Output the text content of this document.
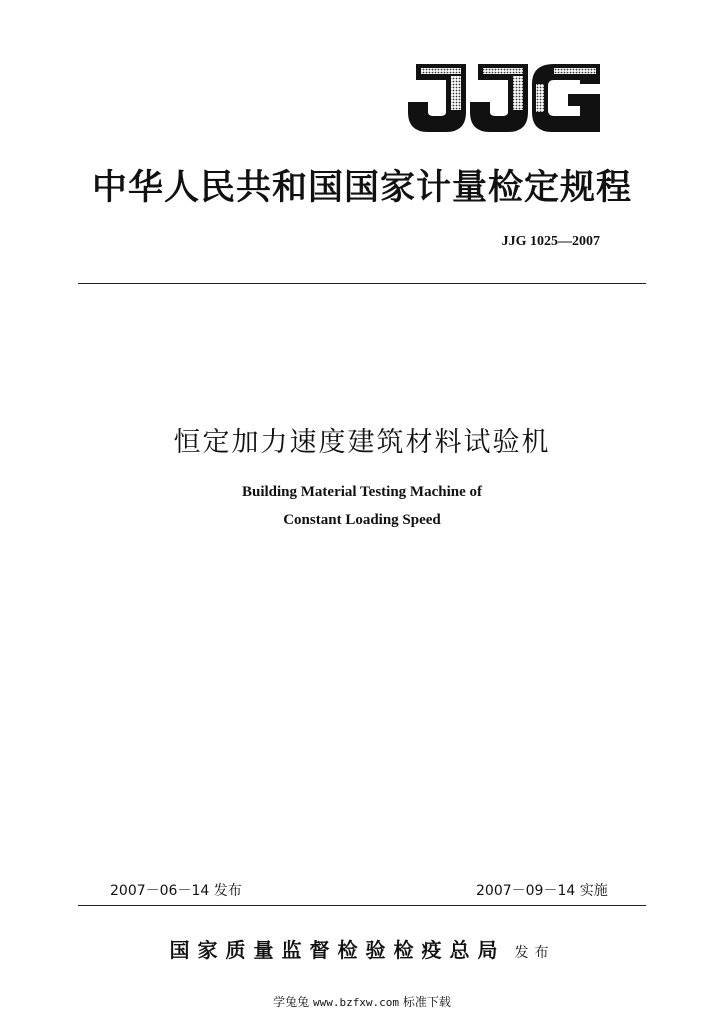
中华人民共和国国家计量检定规程
JJG 1025—2007
恒定加力速度建筑材料试验机
Building Material Testing Machine of
Constant Loading Speed
2007－06－14 发布	2007－09－14 实施
国家质量监督检验检疫总局 发布
学兔兔 www.bzfxw.com 标准下载
